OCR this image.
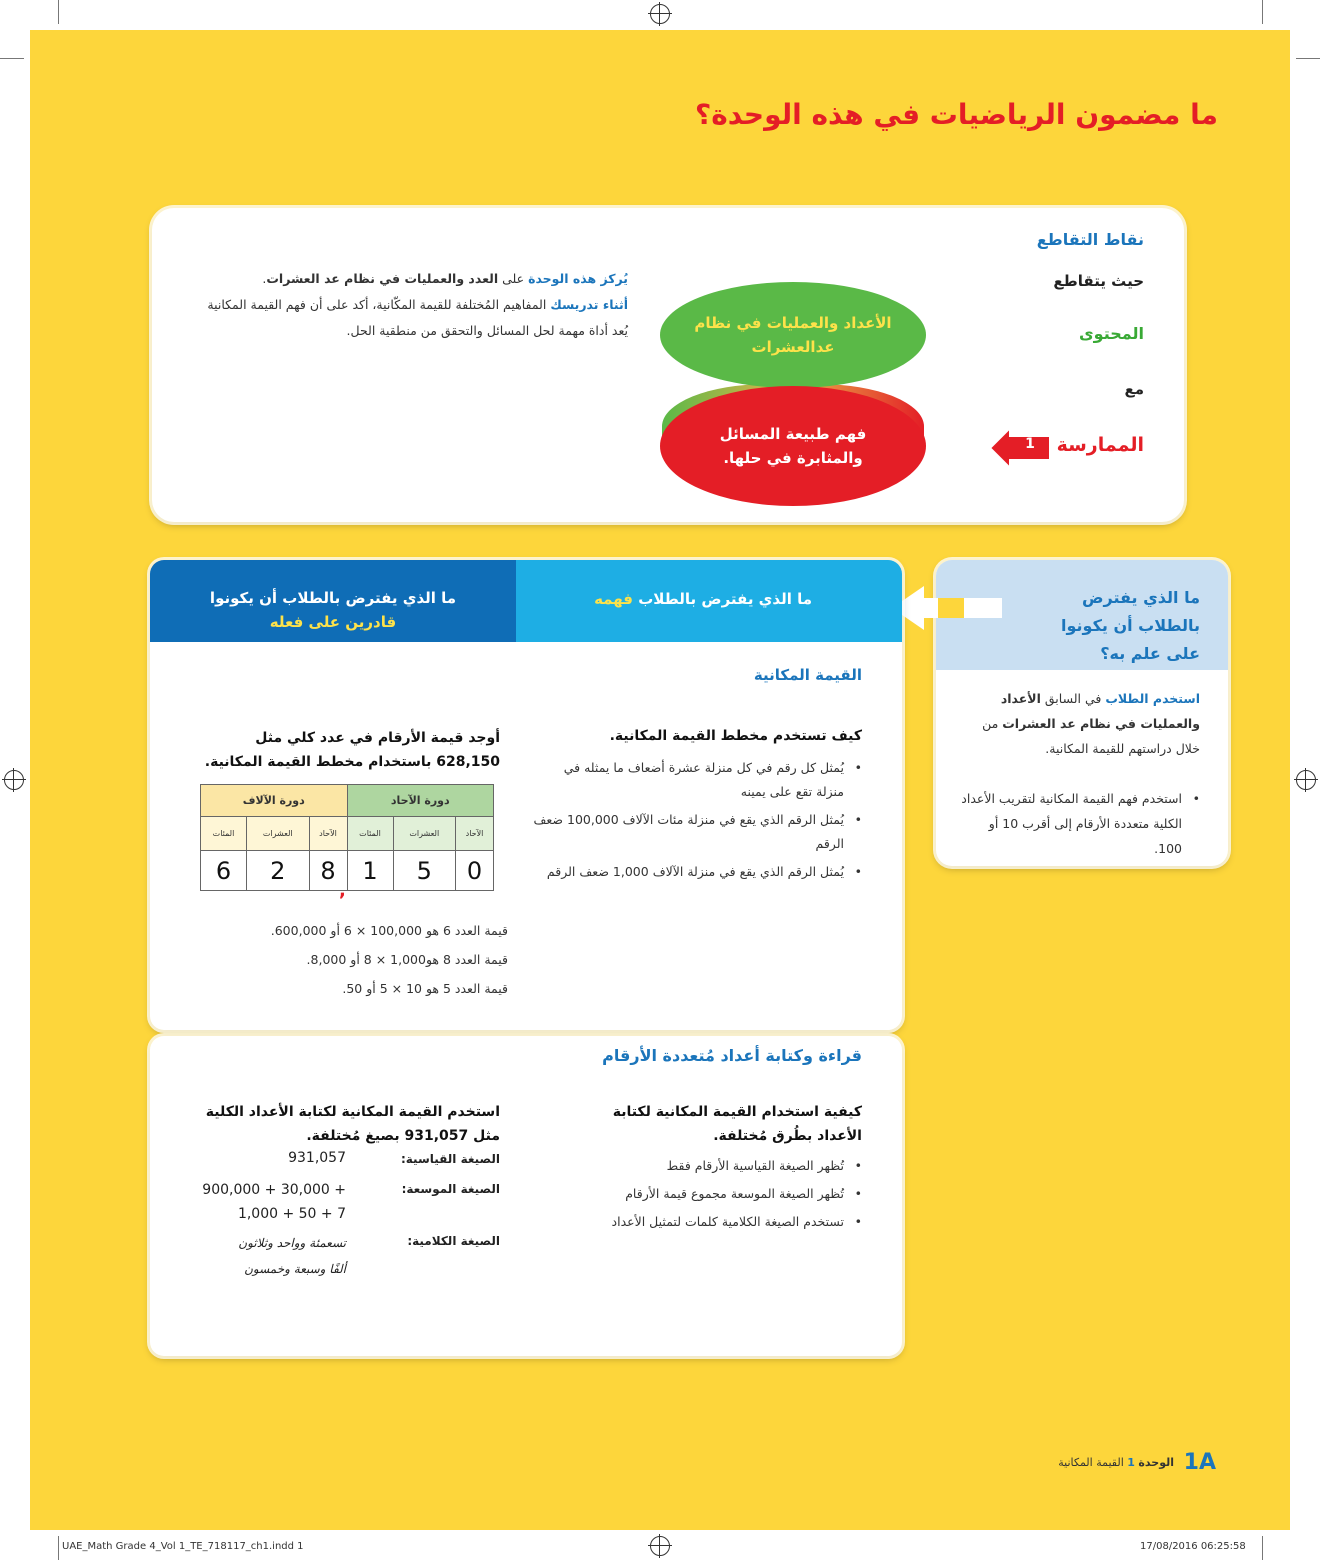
UAE_Math Grade 4_Vol 1_TE_718117_ch1.indd 1	17/08/2016 06:25:58
ما مضمون الرياضيات في هذه الوحدة؟
نقاط التقاطع
حيث يتقاطع
المحتوى
مع
الممارسة
1
الأعداد والعمليات في نظام عدالعشرات
فهم طبيعة المسائل والمثابرة في حلها.
يُركز هذه الوحدة على العدد والعمليات في نظام عد العشرات.
أثناء تدريسك المفاهيم المُختلفة للقيمة المكّانية، أكد على أن فهم القيمة المكانية يُعد أداة مهمة لحل المسائل والتحقق من منطقية الحل.
ما الذي يفترض بالطلاب أن يكونوا على علم به؟
استخدم الطلاب في السابق الأعداد والعمليات في نظام عد العشرات من خلال دراستهم للقيمة المكانية.
• استخدم فهم القيمة المكانية لتقريب الأعداد الكلية متعددة الأرقام إلى أقرب 10 أو 100.
ما الذي يفترض بالطلاب فهمه
ما الذي يفترض بالطلاب أن يكونوا
قادرين على فعله
القيمة المكانية
كيف تستخدم مخطط القيمة المكانية.
• يُمثل كل رقم في كل منزلة عشرة أضعاف ما يمثله في منزلة تقع على يمينه
• يُمثل الرقم الذي يقع في منزلة مئات الآلاف 100,000 ضعف الرقم
• يُمثل الرقم الذي يقع في منزلة الآلاف 1,000 ضعف الرقم
أوجد قيمة الأرقام في عدد كلي مثل 628,150 باستخدام مخطط القيمة المكانية.
دورة الآحاد			دورة الآلاف		
الآحاد	العشرات	المئات	الآحاد	العشرات	المئات
0	5	1	8	2	6
,
قيمة العدد 6 هو 100,000 × 6 أو 600,000.
قيمة العدد 8 هو1,000 × 8 أو 8,000.
قيمة العدد 5 هو 10 × 5 أو 50.
قراءة وكتابة أعداد مُتعددة الأرقام
كيفية استخدام القيمة المكانية لكتابة الأعداد بطُرق مُختلفة.
• تُظهر الصيغة القياسية الأرقام فقط
• تُظهر الصيغة الموسعة مجموع قيمة الأرقام
• تستخدم الصيغة الكلامية كلمات لتمثيل الأعداد
استخدم القيمة المكانية لكتابة الأعداد الكلية مثل 931,057 بصيغ مُختلفة.
الصيغة القياسية:
931,057
الصيغة الموسعة:
900,000 + 30,000 +
1,000 + 50 + 7
الصيغة الكلامية:
تسعمئة وواحد وثلاثون ألفًا وسبعة وخمسون
1A
الوحدة 1 القيمة المكانية
